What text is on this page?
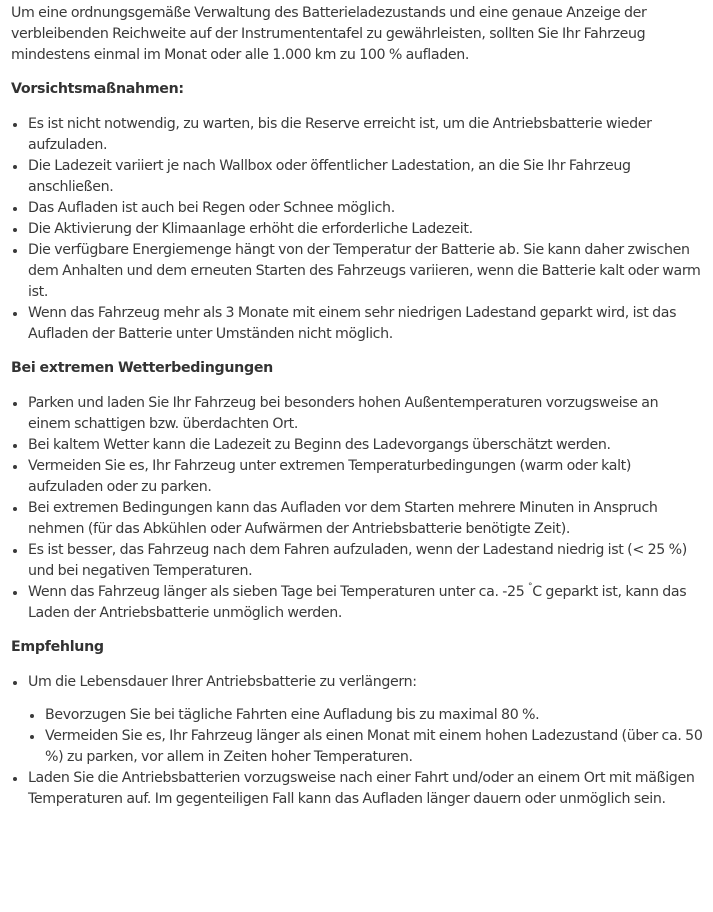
Um eine ordnungsgemäße Verwaltung des Batterieladezustands und eine genaue Anzeige der verbleibenden Reichweite auf der Instrumententafel zu gewährleisten, sollten Sie Ihr Fahrzeug mindestens einmal im Monat oder alle 1.000 km zu 100 % aufladen.

Vorsichtsmaßnahmen:
Es ist nicht notwendig, zu warten, bis die Reserve erreicht ist, um die Antriebsbatterie wieder aufzuladen.
Die Ladezeit variiert je nach Wallbox oder öffentlicher Ladestation, an die Sie Ihr Fahrzeug anschließen.
Das Aufladen ist auch bei Regen oder Schnee möglich.
Die Aktivierung der Klimaanlage erhöht die erforderliche Ladezeit.
Die verfügbare Energiemenge hängt von der Temperatur der Batterie ab. Sie kann daher zwischen dem Anhalten und dem erneuten Starten des Fahrzeugs variieren, wenn die Batterie kalt oder warm ist.
Wenn das Fahrzeug mehr als 3 Monate mit einem sehr niedrigen Ladestand geparkt wird, ist das Aufladen der Batterie unter Umständen nicht möglich.
Bei extremen Wetterbedingungen
Parken und laden Sie Ihr Fahrzeug bei besonders hohen Außentemperaturen vorzugsweise an einem schattigen bzw. überdachten Ort.
Bei kaltem Wetter kann die Ladezeit zu Beginn des Ladevorgangs überschätzt werden.
Vermeiden Sie es, Ihr Fahrzeug unter extremen Temperaturbedingungen (warm oder kalt) aufzuladen oder zu parken.
Bei extremen Bedingungen kann das Aufladen vor dem Starten mehrere Minuten in Anspruch nehmen (für das Abkühlen oder Aufwärmen der Antriebsbatterie benötigte Zeit).
Es ist besser, das Fahrzeug nach dem Fahren aufzuladen, wenn der Ladestand niedrig ist (< 25 %) und bei negativen Temperaturen.
Wenn das Fahrzeug länger als sieben Tage bei Temperaturen unter ca. -25 °C geparkt ist, kann das Laden der Antriebsbatterie unmöglich werden.
Empfehlung
Um die Lebensdauer Ihrer Antriebsbatterie zu verlängern:
Bevorzugen Sie bei tägliche Fahrten eine Aufladung bis zu maximal 80 %.
Vermeiden Sie es, Ihr Fahrzeug länger als einen Monat mit einem hohen Ladezustand (über ca. 50 %) zu parken, vor allem in Zeiten hoher Temperaturen.
Laden Sie die Antriebsbatterien vorzugsweise nach einer Fahrt und/oder an einem Ort mit mäßigen Temperaturen auf. Im gegenteiligen Fall kann das Aufladen länger dauern oder unmöglich sein.
